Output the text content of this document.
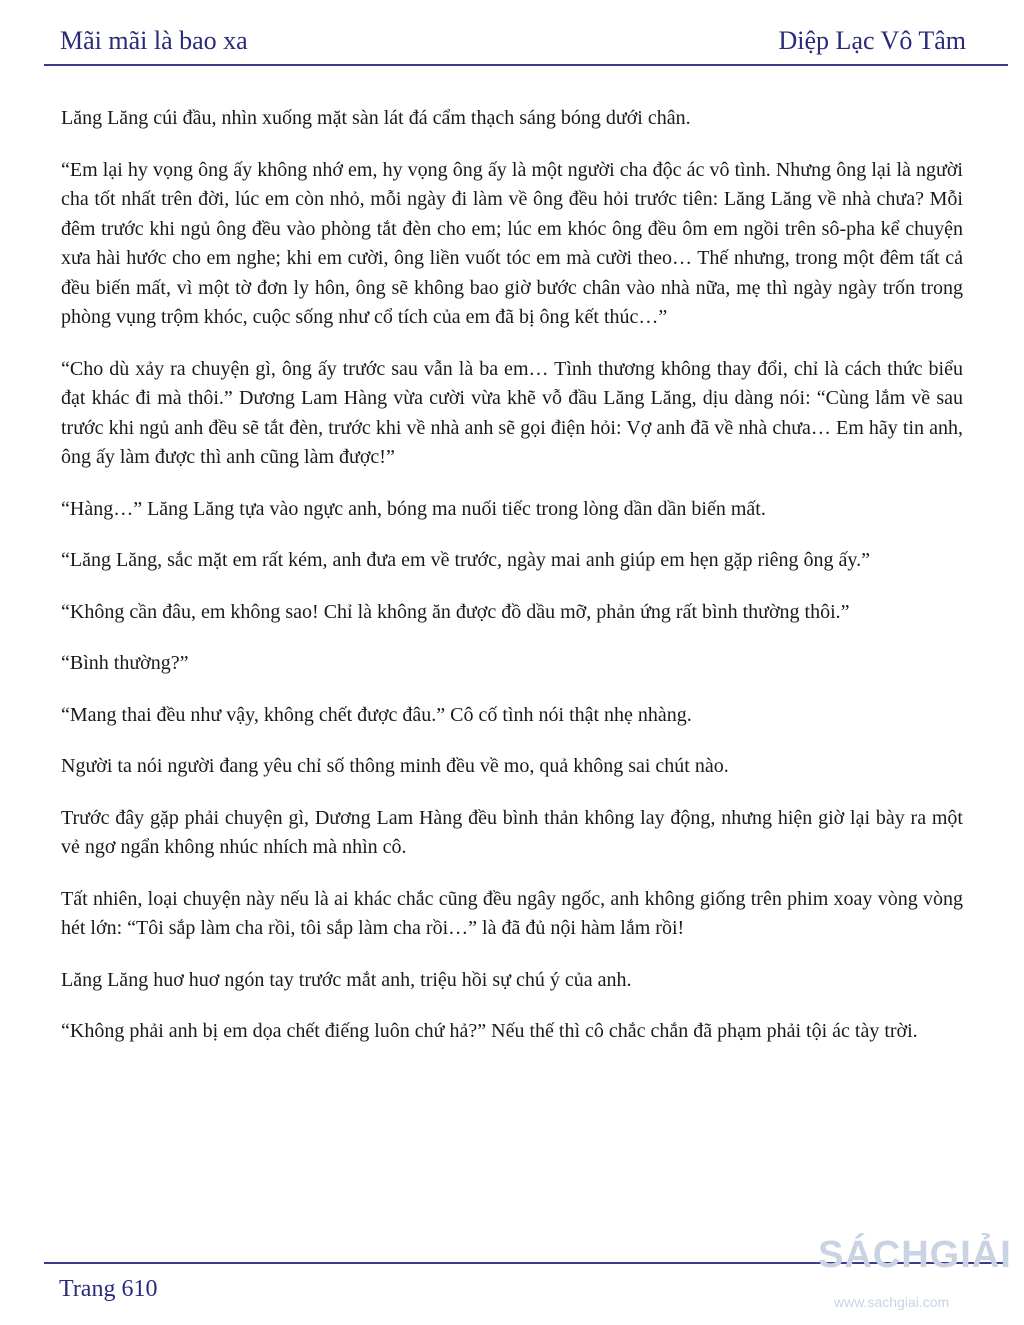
Mãi mãi là bao xa	Diệp Lạc Vô Tâm

Lăng Lăng cúi đầu, nhìn xuống mặt sàn lát đá cẩm thạch sáng bóng dưới chân.

“Em lại hy vọng ông ấy không nhớ em, hy vọng ông ấy là một người cha độc ác vô tình. Nhưng ông lại là người cha tốt nhất trên đời, lúc em còn nhỏ, mỗi ngày đi làm về ông đều hỏi trước tiên: Lăng Lăng về nhà chưa? Mỗi đêm trước khi ngủ ông đều vào phòng tắt đèn cho em; lúc em khóc ông đều ôm em ngồi trên sô-pha kể chuyện xưa hài hước cho em nghe; khi em cười, ông liền vuốt tóc em mà cười theo… Thế nhưng, trong một đêm tất cả đều biến mất, vì một tờ đơn ly hôn, ông sẽ không bao giờ bước chân vào nhà nữa, mẹ thì ngày ngày trốn trong phòng vụng trộm khóc, cuộc sống như cổ tích của em đã bị ông kết thúc…”

“Cho dù xảy ra chuyện gì, ông ấy trước sau vẫn là ba em… Tình thương không thay đổi, chỉ là cách thức biểu đạt khác đi mà thôi.” Dương Lam Hàng vừa cười vừa khẽ vỗ đầu Lăng Lăng, dịu dàng nói: “Cùng lắm về sau trước khi ngủ anh đều sẽ tắt đèn, trước khi về nhà anh sẽ gọi điện hỏi: Vợ anh đã về nhà chưa… Em hãy tin anh, ông ấy làm được thì anh cũng làm được!”

“Hàng…” Lăng Lăng tựa vào ngực anh, bóng ma nuối tiếc trong lòng dần dần biến mất.

“Lăng Lăng, sắc mặt em rất kém, anh đưa em về trước, ngày mai anh giúp em hẹn gặp riêng ông ấy.”

“Không cần đâu, em không sao! Chỉ là không ăn được đồ dầu mỡ, phản ứng rất bình thường thôi.”

“Bình thường?”

“Mang thai đều như vậy, không chết được đâu.” Cô cố tình nói thật nhẹ nhàng.

Người ta nói người đang yêu chỉ số thông minh đều về mo, quả không sai chút nào.

Trước đây gặp phải chuyện gì, Dương Lam Hàng đều bình thản không lay động, nhưng hiện giờ lại bày ra một vẻ ngơ ngẩn không nhúc nhích mà nhìn cô.

Tất nhiên, loại chuyện này nếu là ai khác chắc cũng đều ngây ngốc, anh không giống trên phim xoay vòng vòng hét lớn: “Tôi sắp làm cha rồi, tôi sắp làm cha rồi…” là đã đủ nội hàm lắm rồi!

Lăng Lăng huơ huơ ngón tay trước mắt anh, triệu hồi sự chú ý của anh.

“Không phải anh bị em dọa chết điếng luôn chứ hả?” Nếu thế thì cô chắc chắn đã phạm phải tội ác tày trời.

Trang 610
SÁCHGIẢI
www.sachgiai.com
